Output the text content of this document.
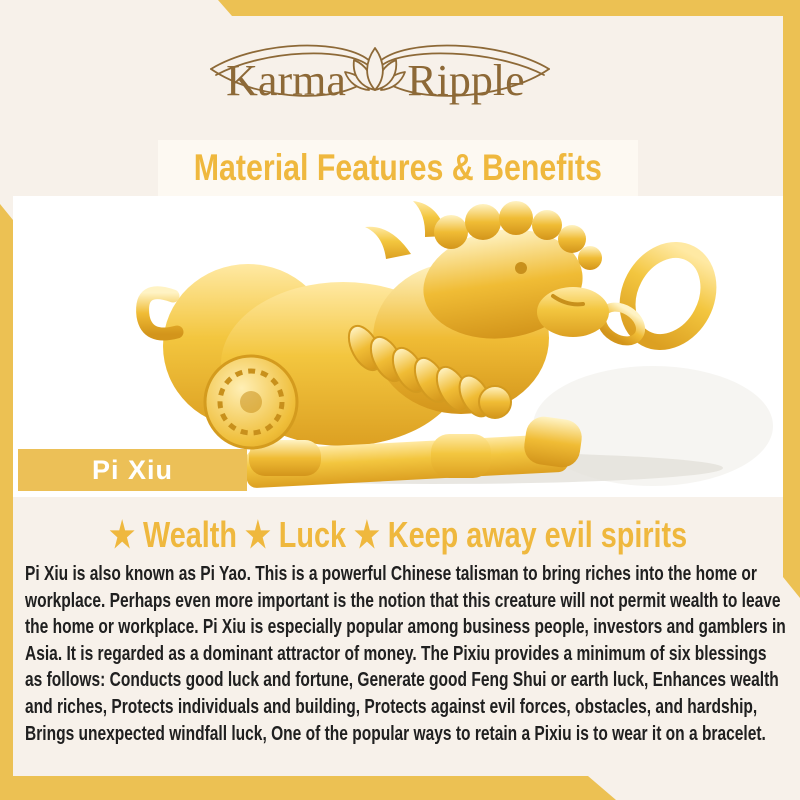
Karma Ripple
Material Features & Benefits
Pi Xiu
★ Wealth ★ Luck ★ Keep away evil spirits

Pi Xiu is also known as Pi Yao. This is a powerful Chinese talisman to bring riches into the home or workplace. Perhaps even more important is the notion that this creature will not permit wealth to leave the home or workplace. Pi Xiu is especially popular among business people, investors and gamblers in Asia. It is regarded as a dominant attractor of money. The Pixiu provides a minimum of six blessings as follows: Conducts good luck and fortune, Generate good Feng Shui or earth luck, Enhances wealth and riches, Protects individuals and building, Protects against evil forces, obstacles, and hardship, Brings unexpected windfall luck, One of the popular ways to retain a Pixiu is to wear it on a bracelet.
